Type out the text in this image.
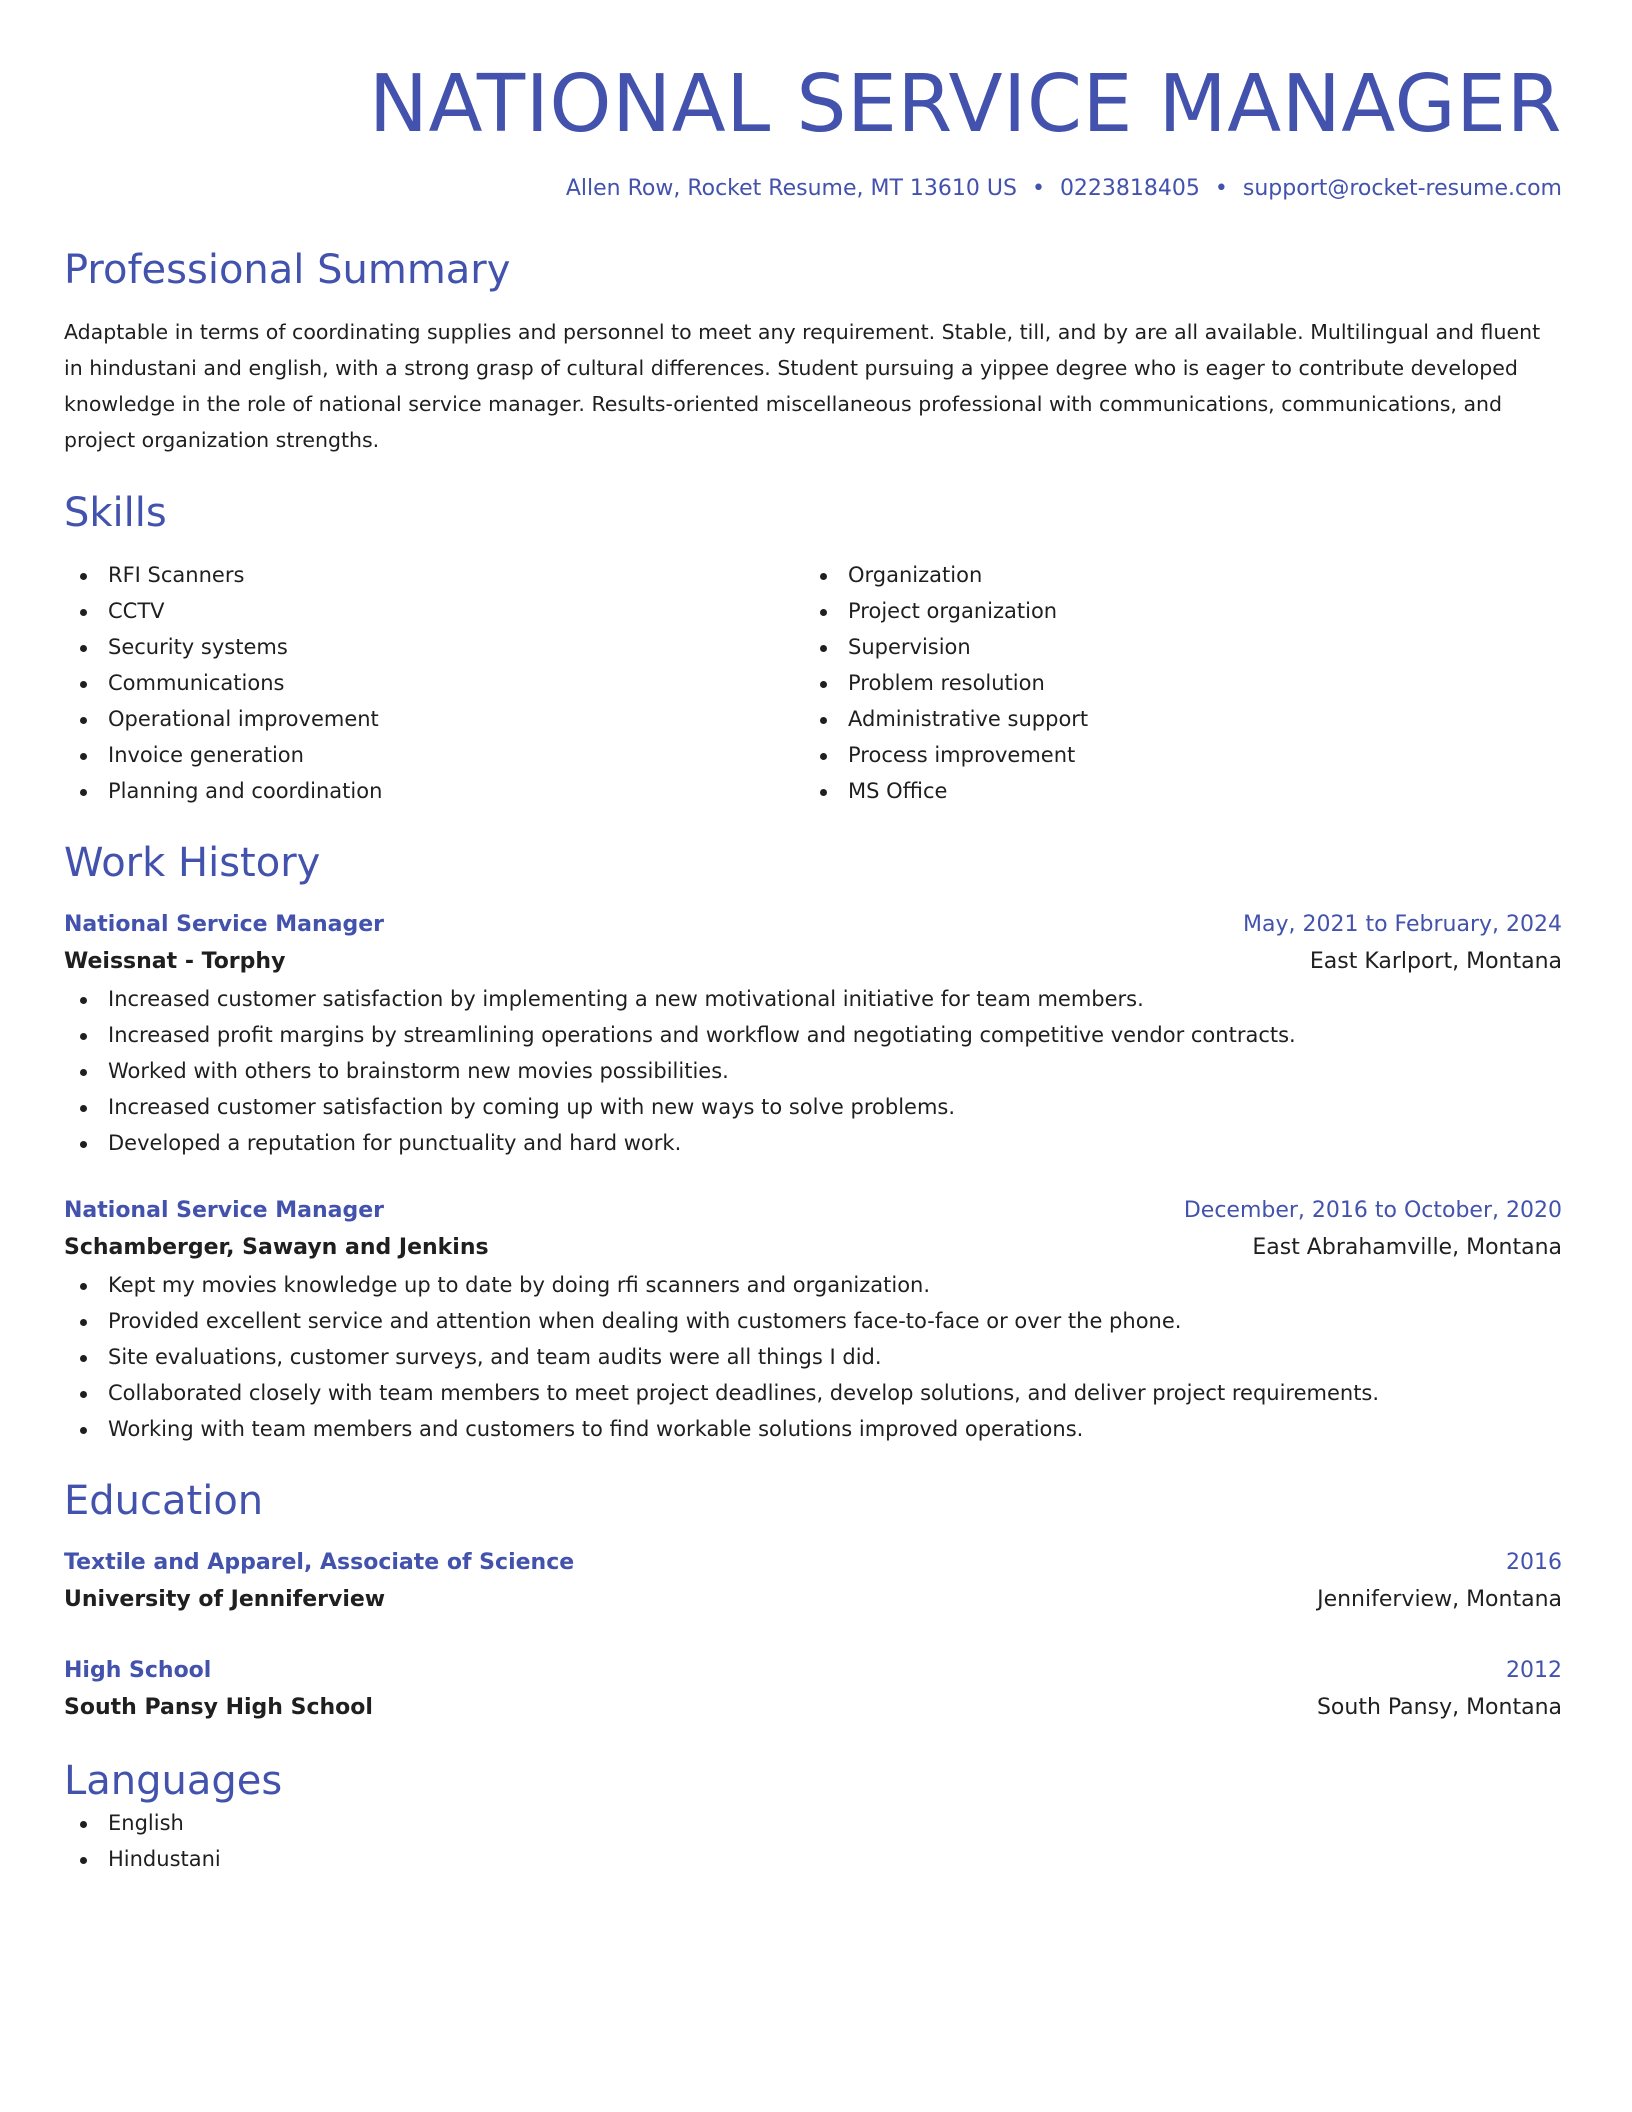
NATIONAL SERVICE MANAGER
Allen Row, Rocket Resume, MT 13610 US • 0223818405 • support@rocket-resume.com
Professional Summary

Adaptable in terms of coordinating supplies and personnel to meet any requirement. Stable, till, and by are all available. Multilingual and fluent in hindustani and english, with a strong grasp of cultural differences. Student pursuing a yippee degree who is eager to contribute developed knowledge in the role of national service manager. Results-oriented miscellaneous professional with communications, communications, and project organization strengths.

Skills
RFI Scanners
CCTV
Security systems
Communications
Operational improvement
Invoice generation
Planning and coordination
Organization
Project organization
Supervision
Problem resolution
Administrative support
Process improvement
MS Office
Work History
National Service Manager	May, 2021 to February, 2024
Weissnat - Torphy	East Karlport, Montana
Increased customer satisfaction by implementing a new motivational initiative for team members.
Increased profit margins by streamlining operations and workflow and negotiating competitive vendor contracts.
Worked with others to brainstorm new movies possibilities.
Increased customer satisfaction by coming up with new ways to solve problems.
Developed a reputation for punctuality and hard work.
National Service Manager	December, 2016 to October, 2020
Schamberger, Sawayn and Jenkins	East Abrahamville, Montana
Kept my movies knowledge up to date by doing rfi scanners and organization.
Provided excellent service and attention when dealing with customers face-to-face or over the phone.
Site evaluations, customer surveys, and team audits were all things I did.
Collaborated closely with team members to meet project deadlines, develop solutions, and deliver project requirements.
Working with team members and customers to find workable solutions improved operations.
Education
Textile and Apparel, Associate of Science	2016
University of Jenniferview	Jenniferview, Montana
High School	2012
South Pansy High School	South Pansy, Montana
Languages
English
Hindustani
